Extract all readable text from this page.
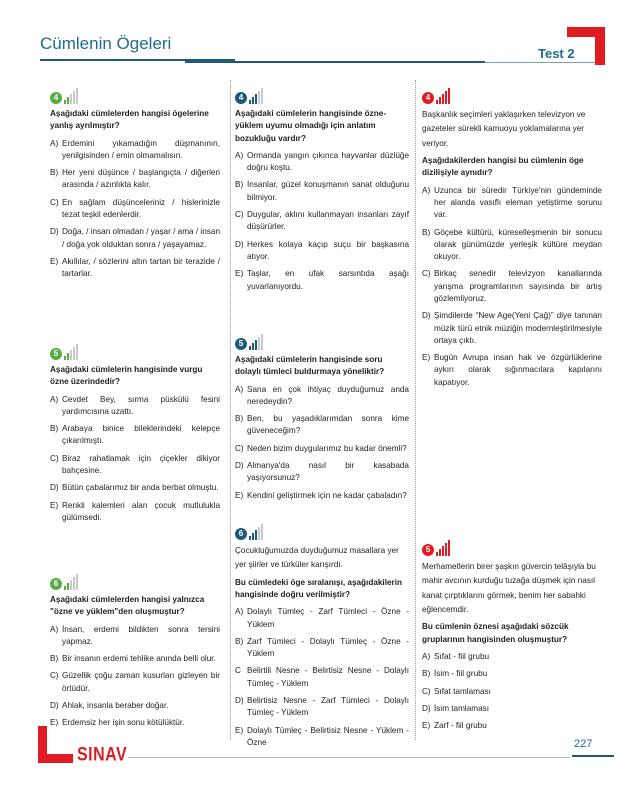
Cümlenin Ögeleri
Test 2
4
Aşağıdaki cümlelerden hangisi ögelerine yanlış ayrılmıştır?
A) Erdemini yıkamadığın düşmanının, yenilgisinden / emin olmamalısın.
B) Her yeni düşünce / başlangıçta / diğerleri arasında / azınlıkta kalır.
C) En sağlam düşünceleriniz / hislerinizle tezat teşkil edenlerdir.
D) Doğa, / insan olmadan / yaşar / ama / insan / doğa yok olduktan sonra / yaşayamaz.
E) Akıllılar, / sözlerini altın tartan bir terazide / tartarlar.
5
Aşağıdaki cümlelerin hangisinde vurgu özne üzerindedir?
A) Cevdet Bey, sırma püskülü fesini yardımcısına uzattı.
B) Arabaya binice bileklerindeki kelepçe çıkarılmıştı.
C) Biraz rahatlamak için çiçekler dikiyor bahçesine.
D) Bütün çabalarımız bir anda berbat olmuştu.
E) Renkli kalemleri alan çocuk mutlulukla gülümsedi.
6
Aşağıdaki cümlelerden hangisi yalnızca "özne ve yüklem"den oluşmuştur?
A) İnsan, erdemi bildikten sonra tersini yapmaz.
B) Bir insanın erdemi tehlike anında belli olur.
C) Güzellik çoğu zaman kusurları gizleyen bir örtüdür.
D) Ahlak, insanla beraber doğar.
E) Erdemsiz her işin sonu kötülüktür.
4
Aşağıdaki cümlelerin hangisinde özne-yüklem uyumu olmadığı için anlatım bozukluğu vardır?
A) Ormanda yangın çıkınca hayvanlar düzlüğe doğru koştu.
B) İnsanlar, güzel konuşmanın sanat olduğunu bilmiyor.
C) Duygular, aklını kullanmayan insanları zayıf düşürürler.
D) Herkes kolaya kaçıp suçu bir başkasına atıyor.
E) Taşlar, en ufak sarsıntıda aşağı yuvarlanıyordu.
5
Aşağıdaki cümlelerin hangisinde soru dolaylı tümleci buldurmaya yöneliktir?
A) Sana en çok ihtiyaç duyduğumuz anda neredeydin?
B) Ben, bu yaşadıklarımdan sonra kime güveneceğim?
C) Neden bizim duygularımız bu kadar önemli?
D) Almanya'da nasıl bir kasabada yaşıyorsunuz?
E) Kendini geliştirmek için ne kadar çabaladın?
6
Çocukluğumuzda duyduğumuz masallara yer yer şiirler ve türküler karışırdı.
Bu cümledeki öge sıralanışı, aşağıdakilerin hangisinde doğru verilmiştir?
A) Dolaylı Tümleç - Zarf Tümleci - Özne - Yüklem
B) Zarf Tümleci - Dolaylı Tümleç - Özne - Yüklem
C Belirtili Nesne - Belirtisiz Nesne - Dolaylı Tümleç - Yüklem
D) Belirtisiz Nesne - Zarf Tümleci - Dolaylı Tümleç - Yüklem
E) Dolaylı Tümleç - Belirtisiz Nesne - Yüklem - Özne
4
Başkanlık seçimleri yaklaşırken televizyon ve gazeteler sürekli kamuoyu yoklamalarına yer veriyor.
Aşağıdakilerden hangisi bu cümlenin öge dizilişiyle aynıdır?
A) Uzunca bir süredir Türkiye'nin gündeminde her alanda vasıflı eleman yetiştirme sorunu var.
B) Göçebe kültürü, küreselleşmenin bir sonucu olarak günümüzde yerleşik kültüre meydan okuyor.
C) Birkaç senedir televizyon kanallarında yarışma programlarının sayısında bir artış gözlemliyoruz.
D) Şimdilerde “New Age(Yeni Çağ)” diye tanınan müzik türü etnik müziğin modernleştirilmesiyle ortaya çıktı.
E) Bugün Avrupa insan hak ve özgürlüklerine aykırı olarak sığınmacılara kapılarını kapatıyor.
5
Merhametlerin birer şaşkın güvercin telâşıyla bu mahir avcının kurduğu tuzağa düşmek için nasıl kanat çırptıklarını görmek, benim her sabahki eğlencemdir.
Bu cümlenin öznesi aşağıdaki sözcük gruplarının hangisinden oluşmuştur?
A) Sıfat - fiil grubu
B) İsim - fiil grubu
C) Sıfat tamlaması
D) İsim tamlaması
E) Zarf - fiil grubu
SINAV
227
